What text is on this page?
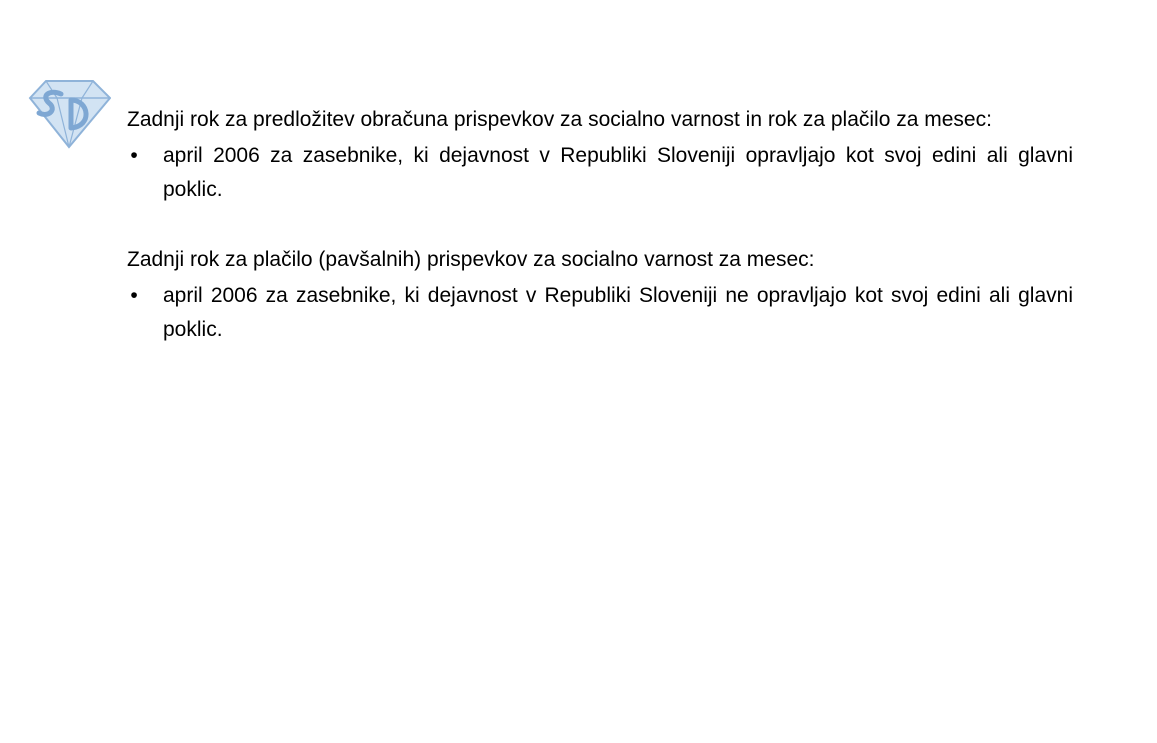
Zadnji rok za predložitev obračuna prispevkov za socialno varnost in rok za plačilo za mesec:

• april 2006 za zasebnike, ki dejavnost v Republiki Sloveniji opravljajo kot svoj edini ali glavni poklic.

Zadnji rok za plačilo (pavšalnih) prispevkov za socialno varnost za mesec:

• april 2006 za zasebnike, ki dejavnost v Republiki Sloveniji ne opravljajo kot svoj edini ali glavni poklic.
